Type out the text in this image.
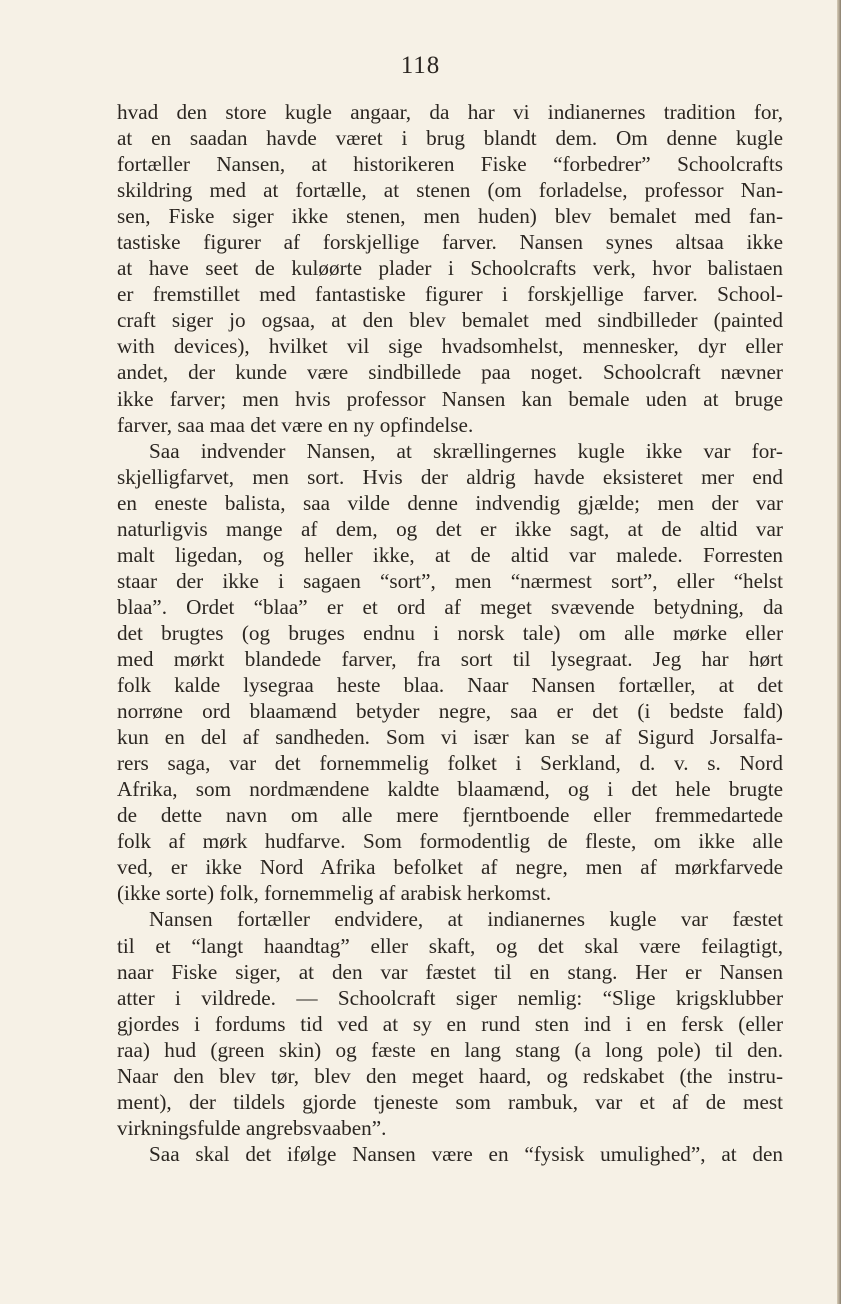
118
hvad den store kugle angaar, da har vi indianernes tradition for,
at en saadan havde været i brug blandt dem. Om denne kugle
fortæller Nansen, at historikeren Fiske “forbedrer” Schoolcrafts
skildring med at fortælle, at stenen (om forladelse, professor Nan-
sen, Fiske siger ikke stenen, men huden) blev bemalet med fan-
tastiske figurer af forskjellige farver. Nansen synes altsaa ikke
at have seet de kuløørte plader i Schoolcrafts verk, hvor balistaen
er fremstillet med fantastiske figurer i forskjellige farver. School-
craft siger jo ogsaa, at den blev bemalet med sindbilleder (painted
with devices), hvilket vil sige hvadsomhelst, mennesker, dyr eller
andet, der kunde være sindbillede paa noget. Schoolcraft nævner
ikke farver; men hvis professor Nansen kan bemale uden at bruge
farver, saa maa det være en ny opfindelse.
Saa indvender Nansen, at skrællingernes kugle ikke var for-
skjelligfarvet, men sort. Hvis der aldrig havde eksisteret mer end
en eneste balista, saa vilde denne indvendig gjælde; men der var
naturligvis mange af dem, og det er ikke sagt, at de altid var
malt ligedan, og heller ikke, at de altid var malede. Forresten
staar der ikke i sagaen “sort”, men “nærmest sort”, eller “helst
blaa”. Ordet “blaa” er et ord af meget svævende betydning, da
det brugtes (og bruges endnu i norsk tale) om alle mørke eller
med mørkt blandede farver, fra sort til lysegraat. Jeg har hørt
folk kalde lysegraa heste blaa. Naar Nansen fortæller, at det
norrøne ord blaamænd betyder negre, saa er det (i bedste fald)
kun en del af sandheden. Som vi især kan se af Sigurd Jorsalfa-
rers saga, var det fornemmelig folket i Serkland, d. v. s. Nord
Afrika, som nordmændene kaldte blaamænd, og i det hele brugte
de dette navn om alle mere fjerntboende eller fremmedartede
folk af mørk hudfarve. Som formodentlig de fleste, om ikke alle
ved, er ikke Nord Afrika befolket af negre, men af mørkfarvede
(ikke sorte) folk, fornemmelig af arabisk herkomst.
Nansen fortæller endvidere, at indianernes kugle var fæstet
til et “langt haandtag” eller skaft, og det skal være feilagtigt,
naar Fiske siger, at den var fæstet til en stang. Her er Nansen
atter i vildrede. — Schoolcraft siger nemlig: “Slige krigsklubber
gjordes i fordums tid ved at sy en rund sten ind i en fersk (eller
raa) hud (green skin) og fæste en lang stang (a long pole) til den.
Naar den blev tør, blev den meget haard, og redskabet (the instru-
ment), der tildels gjorde tjeneste som rambuk, var et af de mest
virkningsfulde angrebsvaaben”.
Saa skal det ifølge Nansen være en “fysisk umulighed”, at den
